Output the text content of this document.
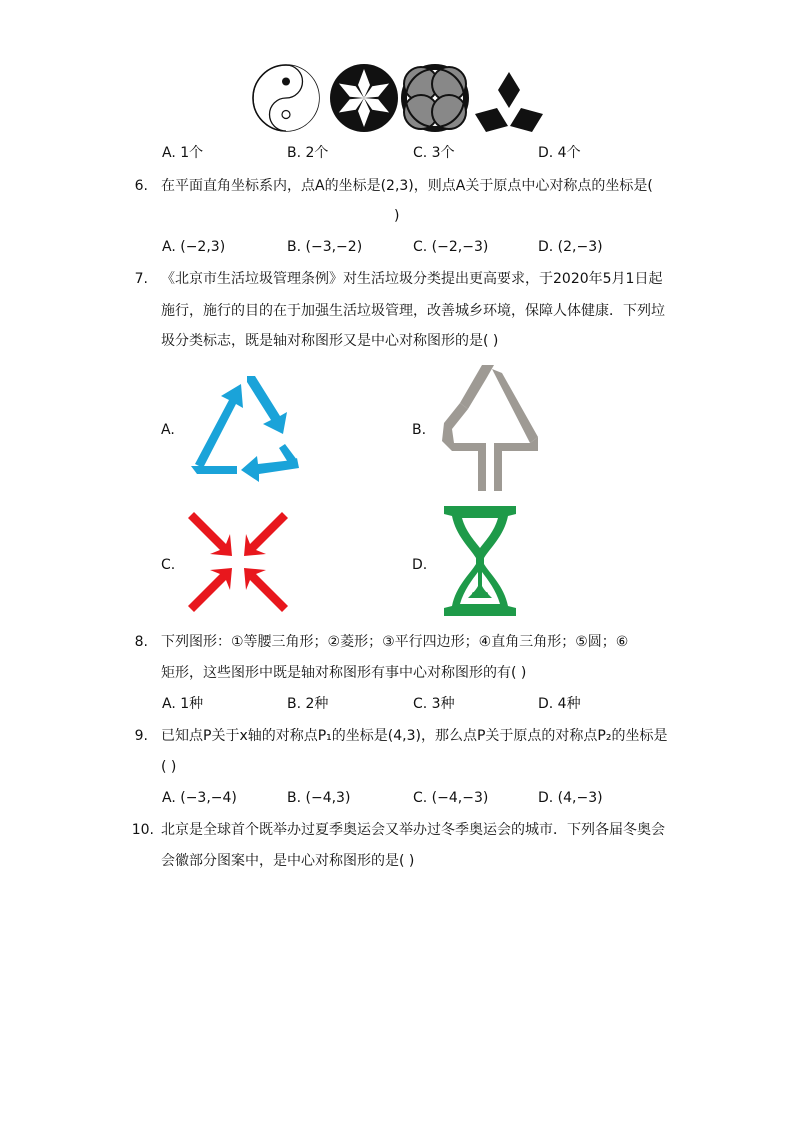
A. 1个	B. 2个	C. 3个	D. 4个
6. 在平面直角坐标系内，点A的坐标是(2,3)，则点A关于原点中心对称点的坐标是(
)
A. (−2,3)	B. (−3,−2)	C. (−2,−3)	D. (2,−3)
7. 《北京市生活垃圾管理条例》对生活垃圾分类提出更高要求，于2020年5月1日起
施行，施行的目的在于加强生活垃圾管理，改善城乡环境，保障人体健康．下列垃
圾分类标志，既是轴对称图形又是中心对称图形的是( )
A.	B.
C.	D.
8. 下列图形：①等腰三角形；②菱形；③平行四边形；④直角三角形；⑤圆；⑥
矩形，这些图形中既是轴对称图形有事中心对称图形的有( )
A. 1种	B. 2种	C. 3种	D. 4种
9. 已知点P关于x轴的对称点P₁的坐标是(4,3)，那么点P关于原点的对称点P₂的坐标是
( )
A. (−3,−4)	B. (−4,3)	C. (−4,−3)	D. (4,−3)
10. 北京是全球首个既举办过夏季奥运会又举办过冬季奥运会的城市．下列各届冬奥会
会徽部分图案中，是中心对称图形的是( )
